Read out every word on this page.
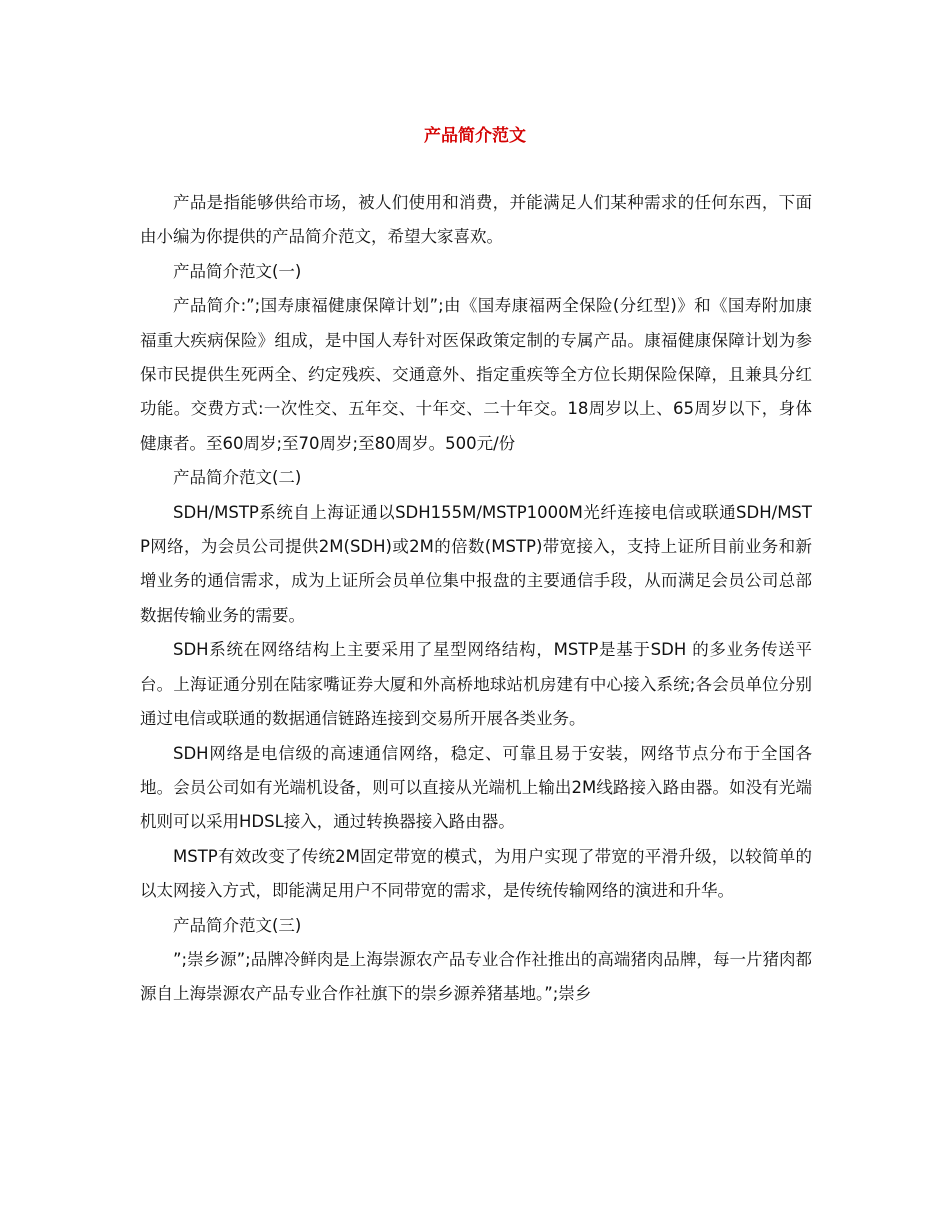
产品简介范文

产品是指能够供给市场，被人们使用和消费，并能满足人们某种需求的任何东西，下面由小编为你提供的产品简介范文，希望大家喜欢。

产品简介范文(一)

产品简介:”;国寿康福健康保障计划”;由《国寿康福两全保险(分红型)》和《国寿附加康福重大疾病保险》组成，是中国人寿针对医保政策定制的专属产品。康福健康保障计划为参保市民提供生死两全、约定残疾、交通意外、指定重疾等全方位长期保险保障，且兼具分红功能。交费方式:一次性交、五年交、十年交、二十年交。18周岁以上、65周岁以下，身体健康者。至60周岁;至70周岁;至80周岁。500元/份

产品简介范文(二)

SDH/MSTP系统自上海证通以SDH155M/MSTP1000M光纤连接电信或联通SDH/MSTP网络，为会员公司提供2M(SDH)或2M的倍数(MSTP)带宽接入，支持上证所目前业务和新增业务的通信需求，成为上证所会员单位集中报盘的主要通信手段，从而满足会员公司总部数据传输业务的需要。

SDH系统在网络结构上主要采用了星型网络结构，MSTP是基于SDH 的多业务传送平台。上海证通分别在陆家嘴证券大厦和外高桥地球站机房建有中心接入系统;各会员单位分别通过电信或联通的数据通信链路连接到交易所开展各类业务。

SDH网络是电信级的高速通信网络，稳定、可靠且易于安装，网络节点分布于全国各地。会员公司如有光端机设备，则可以直接从光端机上输出2M线路接入路由器。如没有光端机则可以采用HDSL接入，通过转换器接入路由器。

MSTP有效改变了传统2M固定带宽的模式，为用户实现了带宽的平滑升级，以较简单的以太网接入方式，即能满足用户不同带宽的需求，是传统传输网络的演进和升华。

产品简介范文(三)

”;崇乡源”;品牌冷鲜肉是上海崇源农产品专业合作社推出的高端猪肉品牌，每一片猪肉都源自上海崇源农产品专业合作社旗下的崇乡源养猪基地。”;崇乡
